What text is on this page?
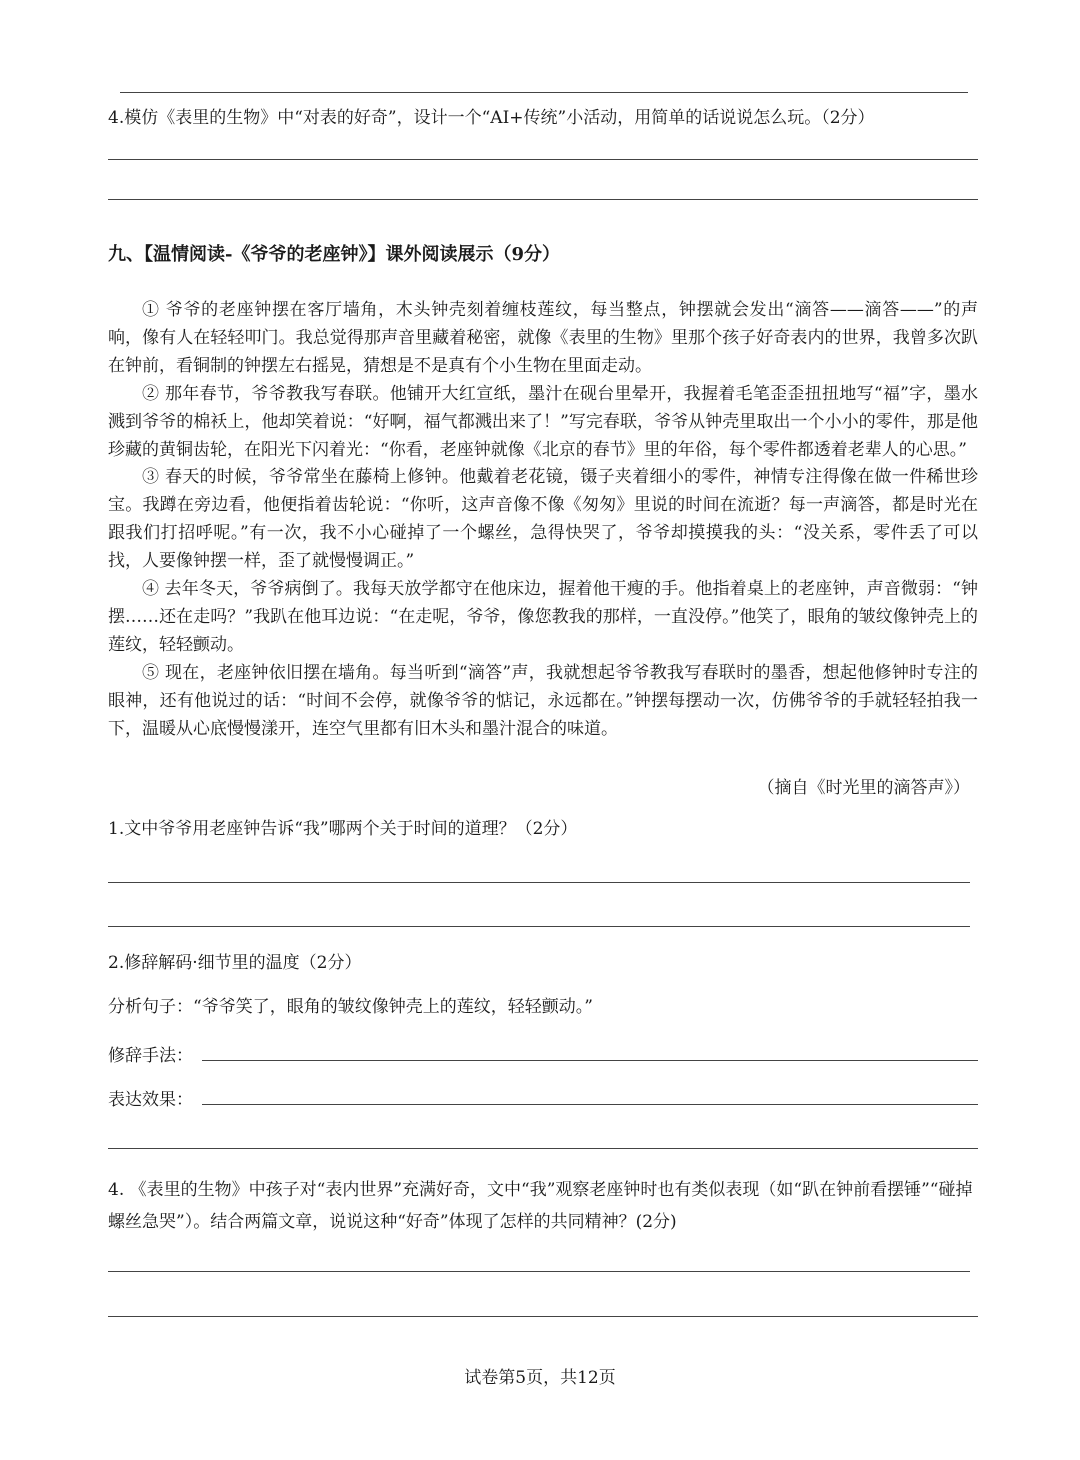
4.模仿《表里的生物》中“对表的好奇”，设计一个“AI+传统”小活动，用简单的话说说怎么玩。（2分）
九、【温情阅读-《爷爷的老座钟》】课外阅读展示（9分）

① 爷爷的老座钟摆在客厅墙角，木头钟壳刻着缠枝莲纹，每当整点，钟摆就会发出“滴答——滴答——”的声响，像有人在轻轻叩门。我总觉得那声音里藏着秘密，就像《表里的生物》里那个孩子好奇表内的世界，我曾多次趴在钟前，看铜制的钟摆左右摇晃，猜想是不是真有个小生物在里面走动。

② 那年春节，爷爷教我写春联。他铺开大红宣纸，墨汁在砚台里晕开，我握着毛笔歪歪扭扭地写“福”字，墨水溅到爷爷的棉袄上，他却笑着说：“好啊，福气都溅出来了！”写完春联，爷爷从钟壳里取出一个小小的零件，那是他珍藏的黄铜齿轮，在阳光下闪着光：“你看，老座钟就像《北京的春节》里的年俗，每个零件都透着老辈人的心思。”

③ 春天的时候，爷爷常坐在藤椅上修钟。他戴着老花镜，镊子夹着细小的零件，神情专注得像在做一件稀世珍宝。我蹲在旁边看，他便指着齿轮说：“你听，这声音像不像《匆匆》里说的时间在流逝？每一声滴答，都是时光在跟我们打招呼呢。”有一次，我不小心碰掉了一个螺丝，急得快哭了，爷爷却摸摸我的头：“没关系，零件丢了可以找，人要像钟摆一样，歪了就慢慢调正。”

④ 去年冬天，爷爷病倒了。我每天放学都守在他床边，握着他干瘦的手。他指着桌上的老座钟，声音微弱：“钟摆……还在走吗？”我趴在他耳边说：“在走呢，爷爷，像您教我的那样，一直没停。”他笑了，眼角的皱纹像钟壳上的莲纹，轻轻颤动。

⑤ 现在，老座钟依旧摆在墙角。每当听到“滴答”声，我就想起爷爷教我写春联时的墨香，想起他修钟时专注的眼神，还有他说过的话：“时间不会停，就像爷爷的惦记，永远都在。”钟摆每摆动一次，仿佛爷爷的手就轻轻拍我一下，温暖从心底慢慢漾开，连空气里都有旧木头和墨汁混合的味道。

（摘自《时光里的滴答声》）
1.文中爷爷用老座钟告诉“我”哪两个关于时间的道理？（2分）
2.修辞解码·细节里的温度（2分）
分析句子：“爷爷笑了，眼角的皱纹像钟壳上的莲纹，轻轻颤动。”
修辞手法：
表达效果：
4. 《表里的生物》中孩子对“表内世界”充满好奇，文中“我”观察老座钟时也有类似表现（如“趴在钟前看摆锤”“碰掉螺丝急哭”）。结合两篇文章，说说这种“好奇”体现了怎样的共同精神？(2分)
试卷第5页，共12页
